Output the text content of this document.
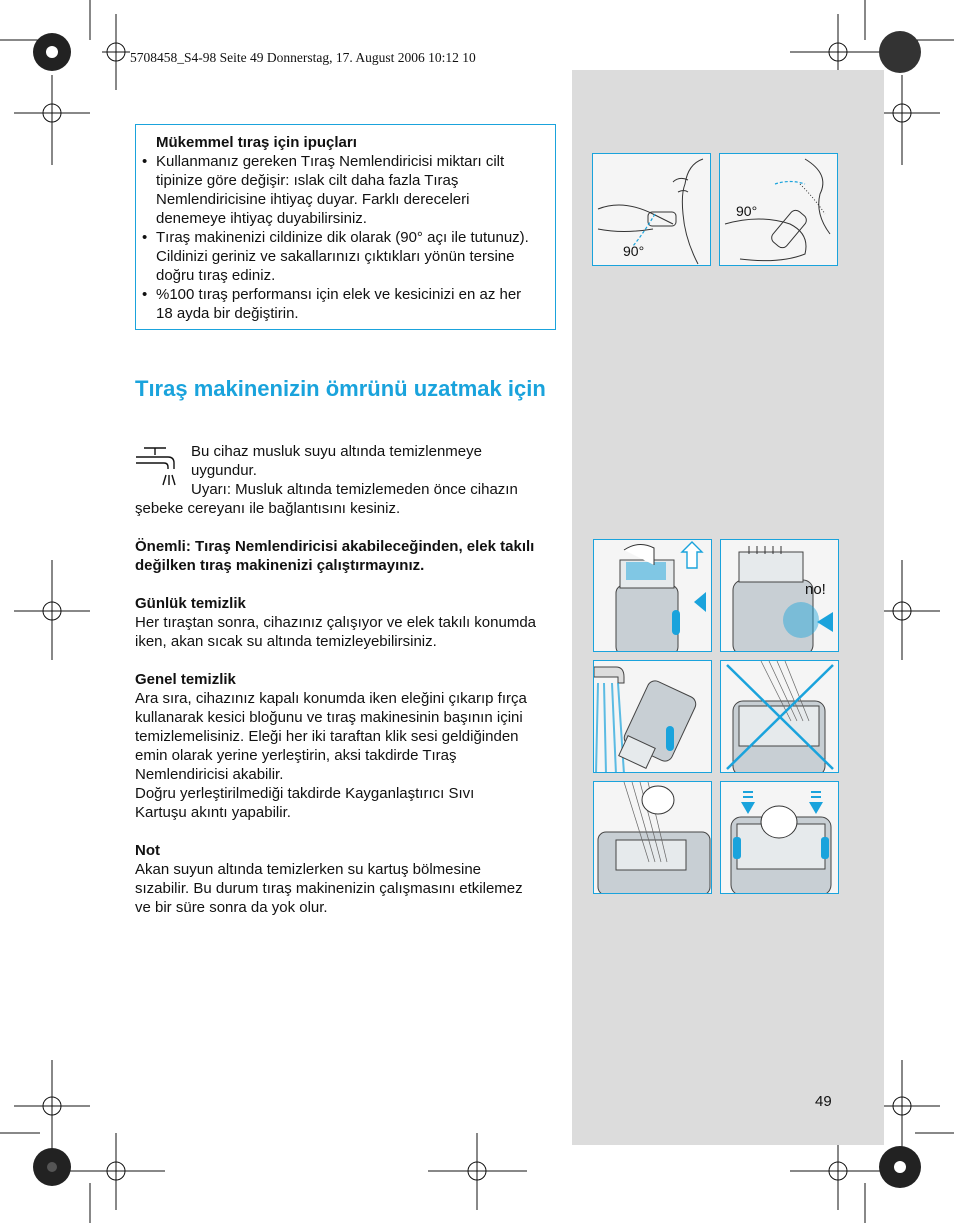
5708458_S4-98 Seite 49 Donnerstag, 17. August 2006 10:12 10
Mükemmel tıraş için ipuçları
• Kullanmanız gereken Tıraş Nemlendiricisi miktarı cilt tipinize göre değişir: ıslak cilt daha fazla Tıraş Nemlendiricisine ihtiyaç duyar. Farklı dereceleri denemeye ihtiyaç duyabilirsiniz.
• Tıraş makinenizi cildinize dik olarak (90° açı ile tutunuz). Cildinizi geriniz ve sakallarınızı çıktıkları yönün tersine doğru tıraş ediniz.
• %100 tıraş performansı için elek ve kesicinizi en az her 18 ayda bir değiştirin.
Tıraş makinenizin ömrünü uzatmak için
Bu cihaz musluk suyu altında temizlenmeye uygundur.
Uyarı: Musluk altında temizlemeden önce cihazın şebeke cereyanı ile bağlantısını kesiniz.
Önemli: Tıraş Nemlendiricisi akabileceğinden, elek takılı değilken tıraş makinenizi çalıştırmayınız.
Günlük temizlik
Her tıraştan sonra, cihazınız çalışıyor ve elek takılı konumda iken, akan sıcak su altında temizleyebilirsiniz.
Genel temizlik
Ara sıra, cihazınız kapalı konumda iken eleğini çıkarıp fırça kullanarak kesici bloğunu ve tıraş makinesinin başının içini temizlemelisiniz. Eleği her iki taraftan klik sesi geldiğinden emin olarak yerine yerleştirin, aksi takdirde Tıraş Nemlendiricisi akabilir.
Doğru yerleştirilmediği takdirde Kayganlaştırıcı Sıvı Kartuşu akıntı yapabilir.
Not
Akan suyun altında temizlerken su kartuş bölmesine sızabilir. Bu durum tıraş makinenizin çalışmasını etkilemez ve bir süre sonra da yok olur.
90°
90°
no!
49
